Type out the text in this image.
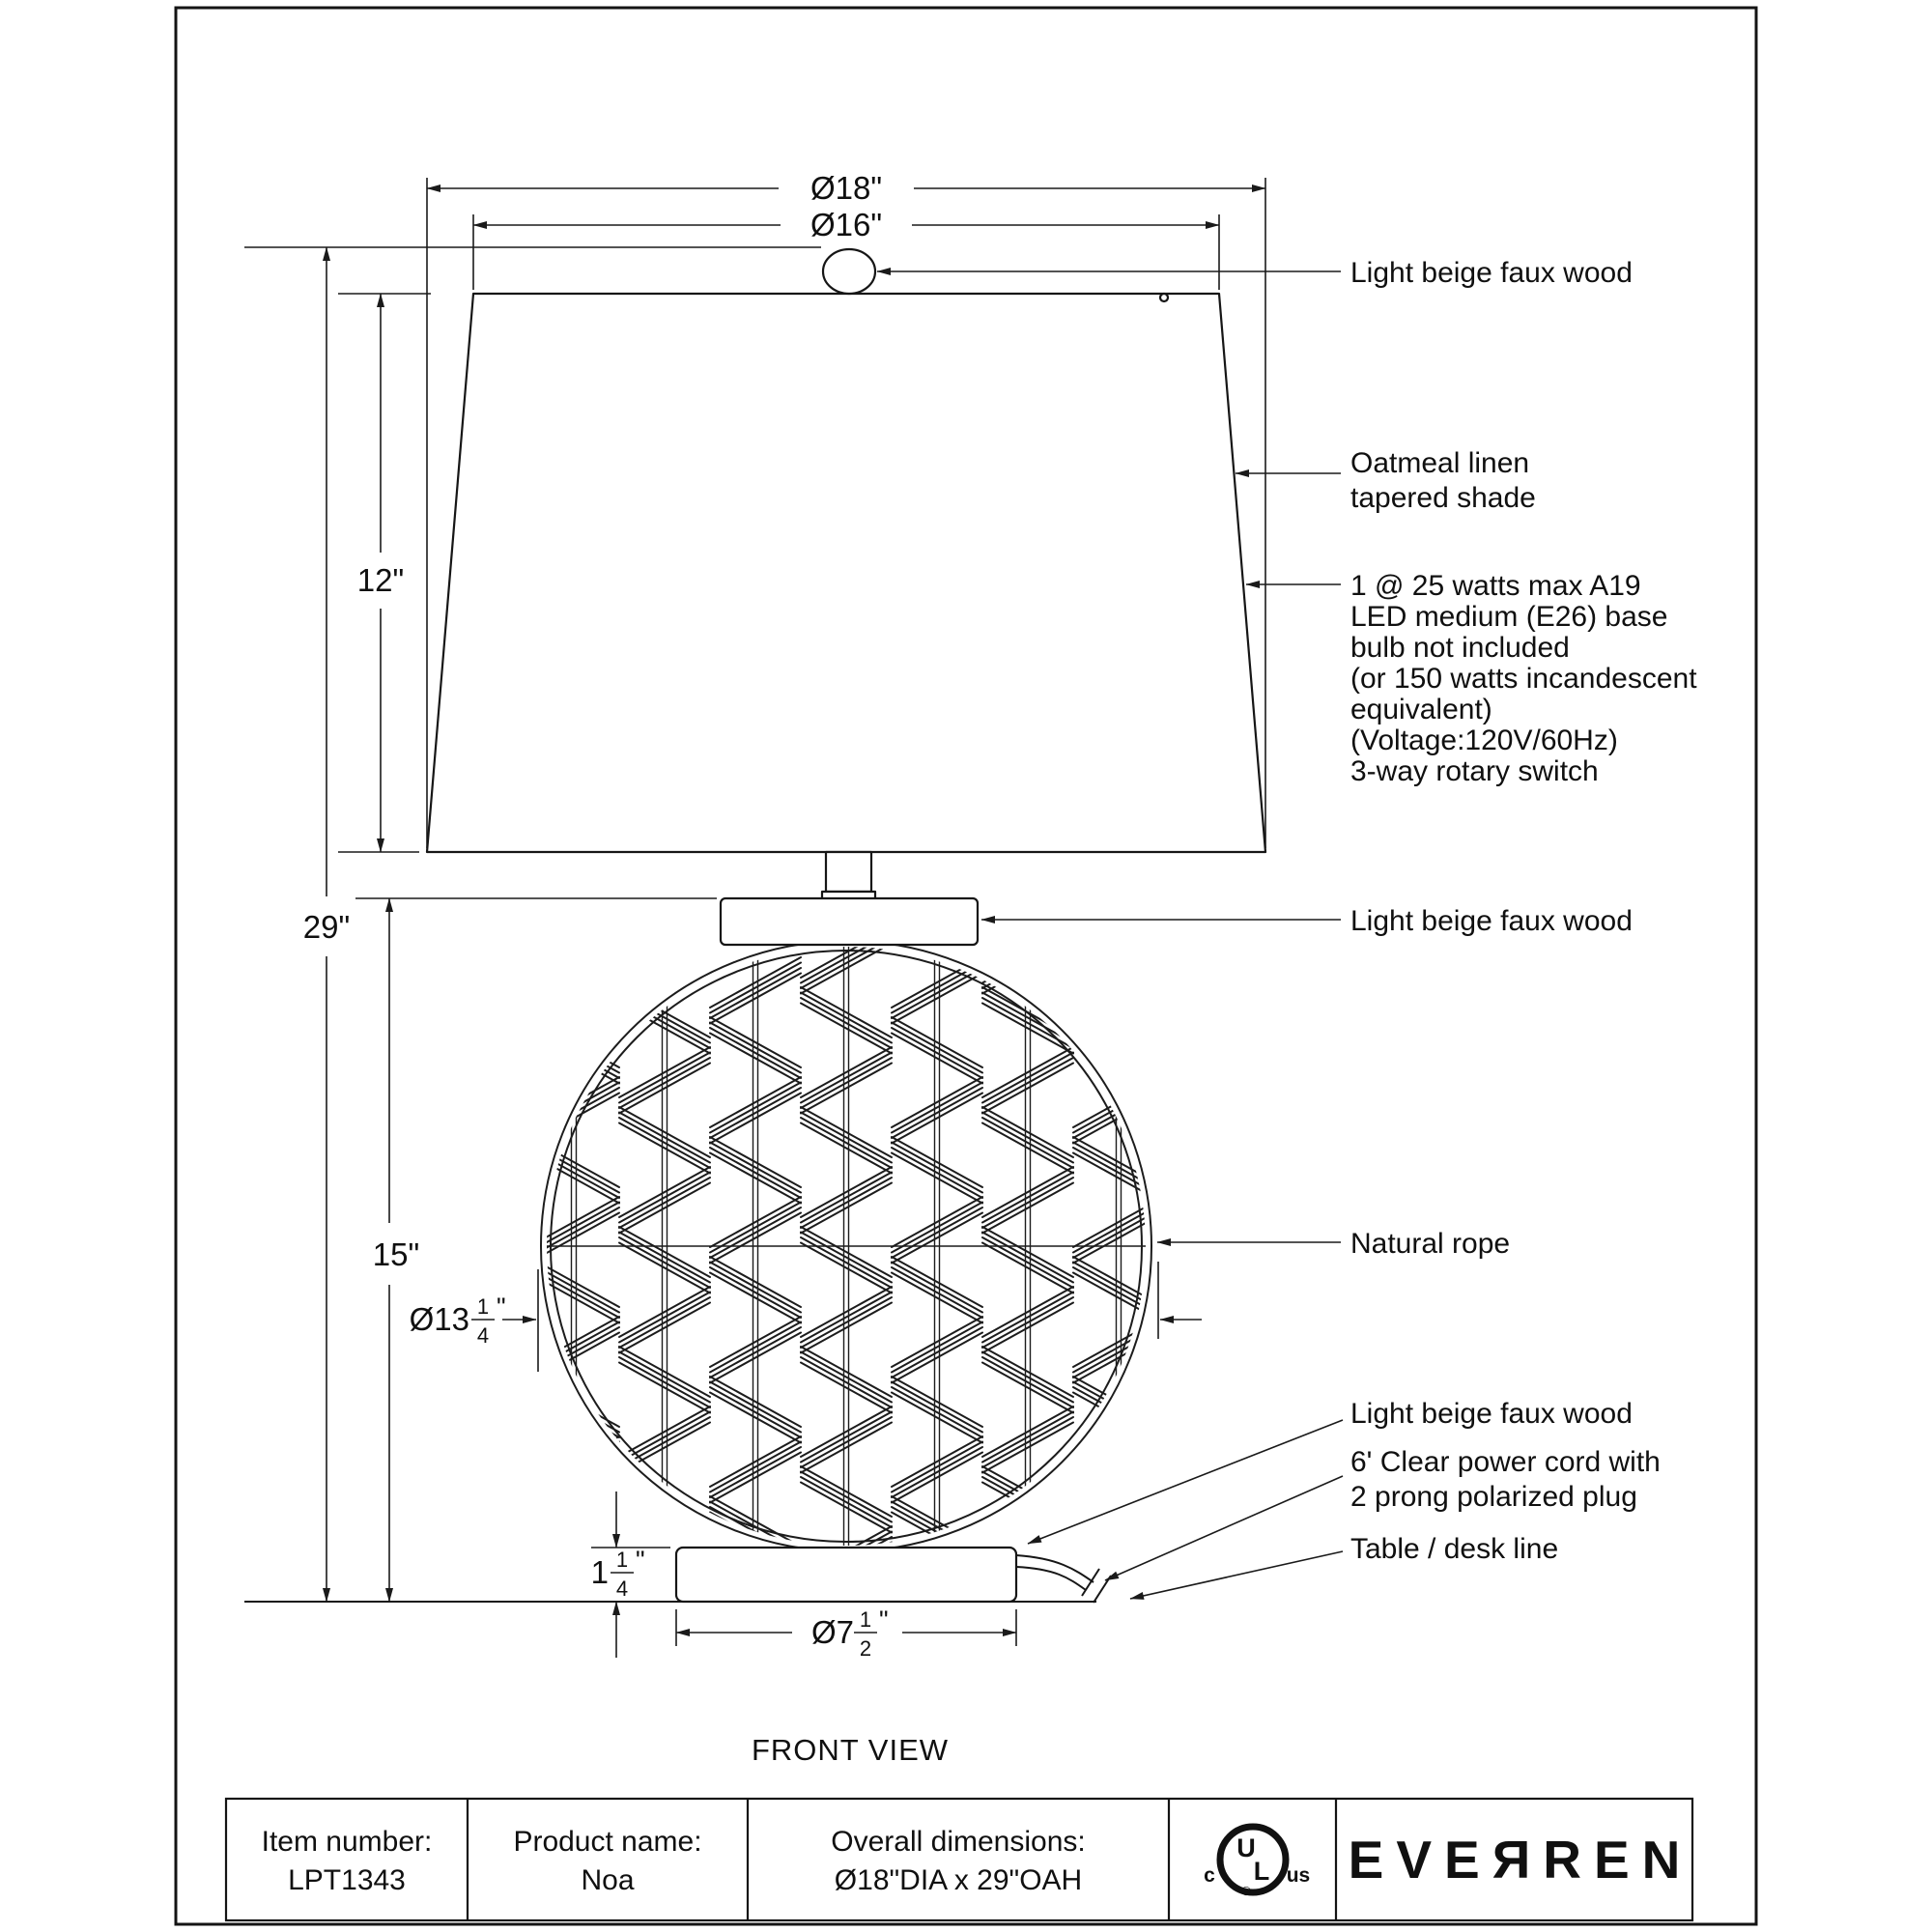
Ø18"
Ø16"
12"
29"
15"
Ø13 1
4
"
1 1
4
"
Ø7 1
2
"
FRONT VIEW
Light beige faux wood
Oatmeal linen
tapered shade
1 @ 25 watts max A19
LED medium (E26) base
bulb not included
(or 150 watts incandescent
equivalent)
(Voltage:120V/60Hz)
3-way rotary switch
Light beige faux wood
Natural rope
Light beige faux wood
6' Clear power cord with
2 prong polarized plug
Table / desk line
Item number:
LPT1343
Product name:
Noa
Overall dimensions:
Ø18"DIA x 29"OAH
U
L
c	us
®
EVEЯREN
